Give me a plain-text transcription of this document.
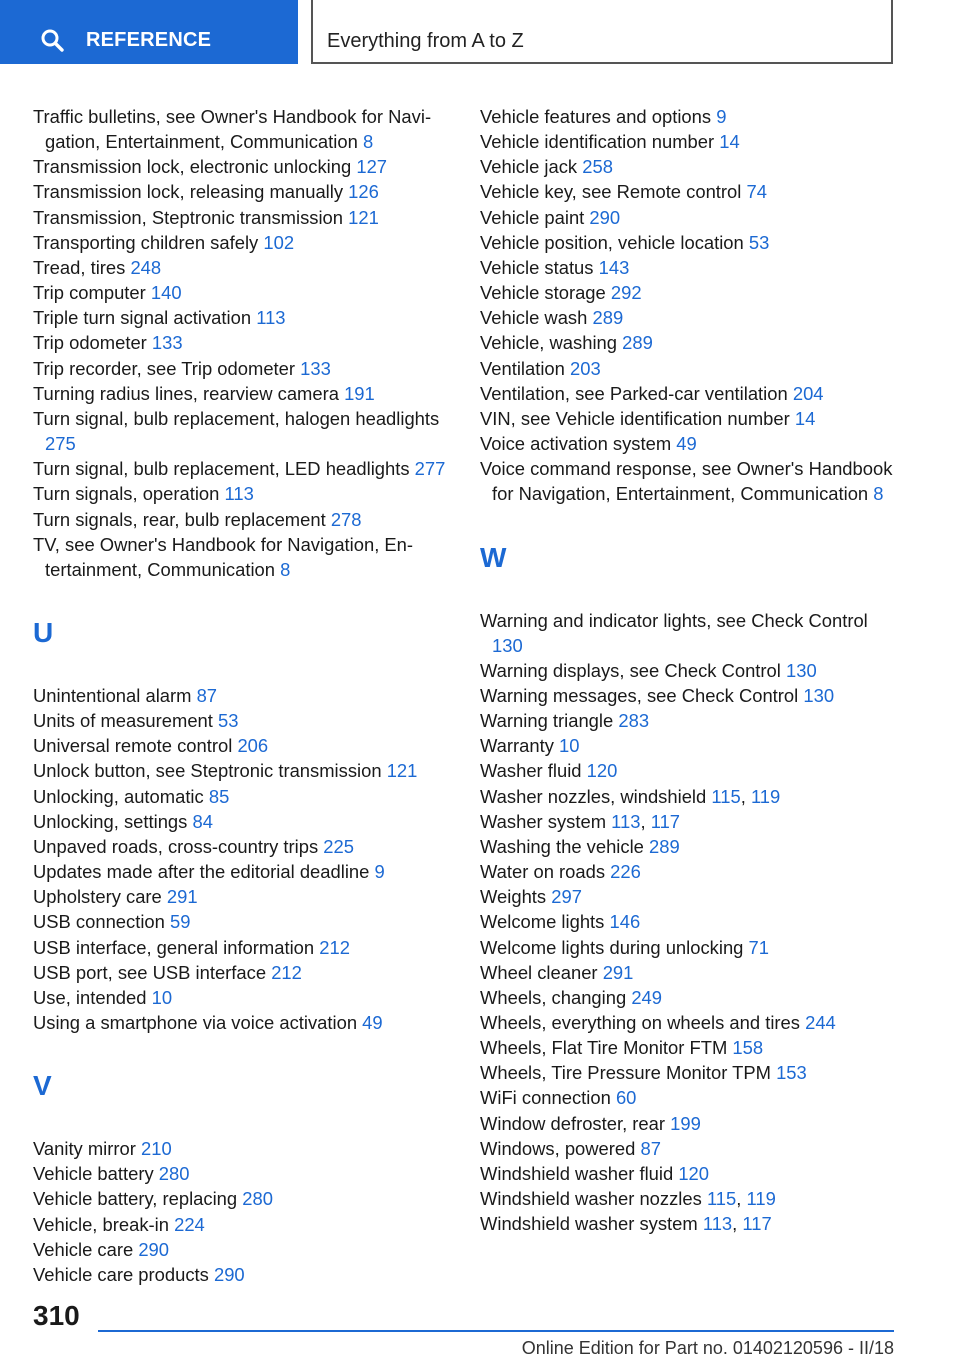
REFERENCE	Everything from A to Z
Traffic bulletins, see Owner's Handbook for Navigation, Entertainment, Communication 8
Transmission lock, electronic unlocking 127
Transmission lock, releasing manually 126
Transmission, Steptronic transmission 121
Transporting children safely 102
Tread, tires 248
Trip computer 140
Triple turn signal activation 113
Trip odometer 133
Trip recorder, see Trip odometer 133
Turning radius lines, rearview camera 191
Turn signal, bulb replacement, halogen headlights 275
Turn signal, bulb replacement, LED headlights 277
Turn signals, operation 113
Turn signals, rear, bulb replacement 278
TV, see Owner's Handbook for Navigation, Entertainment, Communication 8
U
Unintentional alarm 87
Units of measurement 53
Universal remote control 206
Unlock button, see Steptronic transmission 121
Unlocking, automatic 85
Unlocking, settings 84
Unpaved roads, cross-country trips 225
Updates made after the editorial deadline 9
Upholstery care 291
USB connection 59
USB interface, general information 212
USB port, see USB interface 212
Use, intended 10
Using a smartphone via voice activation 49
V
Vanity mirror 210
Vehicle battery 280
Vehicle battery, replacing 280
Vehicle, break-in 224
Vehicle care 290
Vehicle care products 290
Vehicle features and options 9
Vehicle identification number 14
Vehicle jack 258
Vehicle key, see Remote control 74
Vehicle paint 290
Vehicle position, vehicle location 53
Vehicle status 143
Vehicle storage 292
Vehicle wash 289
Vehicle, washing 289
Ventilation 203
Ventilation, see Parked-car ventilation 204
VIN, see Vehicle identification number 14
Voice activation system 49
Voice command response, see Owner's Handbook for Navigation, Entertainment, Communication 8
W
Warning and indicator lights, see Check Control 130
Warning displays, see Check Control 130
Warning messages, see Check Control 130
Warning triangle 283
Warranty 10
Washer fluid 120
Washer nozzles, windshield 115, 119
Washer system 113, 117
Washing the vehicle 289
Water on roads 226
Weights 297
Welcome lights 146
Welcome lights during unlocking 71
Wheel cleaner 291
Wheels, changing 249
Wheels, everything on wheels and tires 244
Wheels, Flat Tire Monitor FTM 158
Wheels, Tire Pressure Monitor TPM 153
WiFi connection 60
Window defroster, rear 199
Windows, powered 87
Windshield washer fluid 120
Windshield washer nozzles 115, 119
Windshield washer system 113, 117
310
Online Edition for Part no. 01402120596 - II/18
